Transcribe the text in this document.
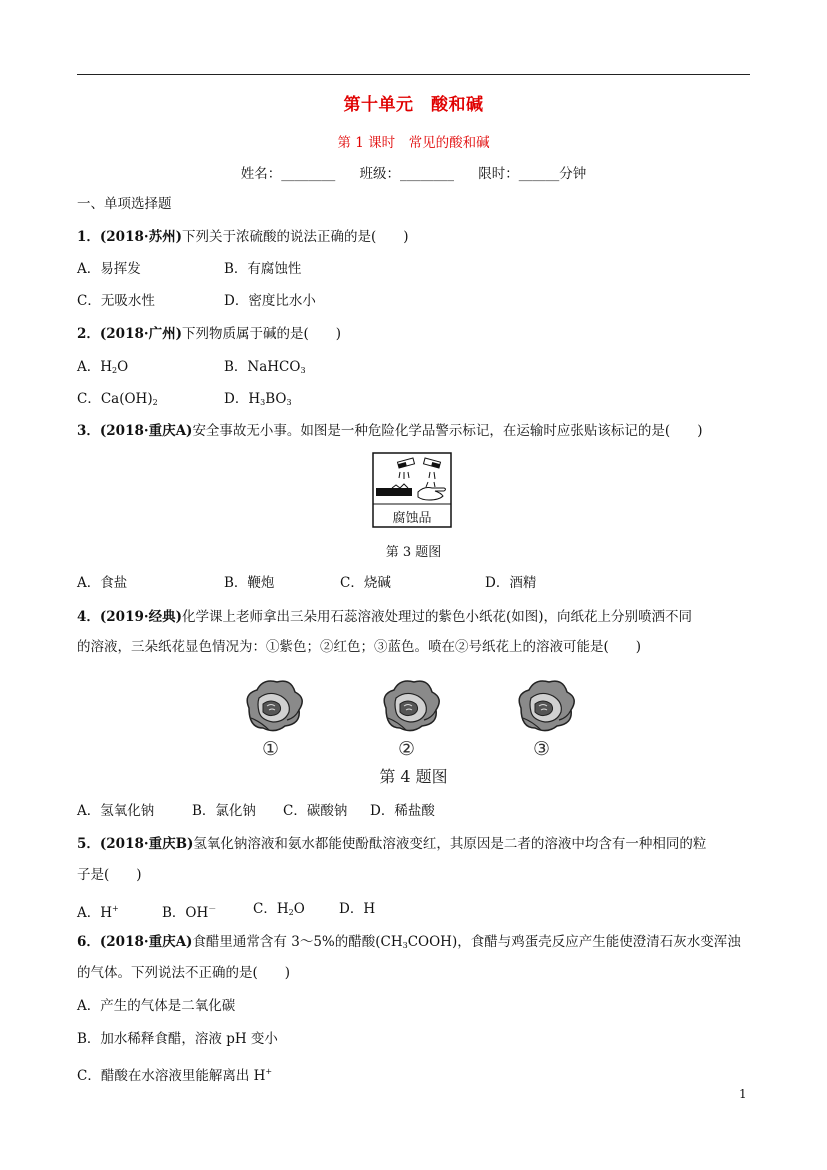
第十单元　酸和碱
第 1 课时　常见的酸和碱
姓名：________ 班级：________ 限时：______分钟
一、单项选择题
1．(2018·苏州)下列关于浓硫酸的说法正确的是(　　)
A．易挥发	B．有腐蚀性
C．无吸水性	D．密度比水小
2．(2018·广州)下列物质属于碱的是(　　)
A．$H_2O$	B．NaHCO$_3$
C．$Ca(OH)_2$	D．$H_3BO_3$
3．(2018·重庆A)安全事故无小事。如图是一种危险化学品警示标记，在运输时应张贴该标记的是(　　)
腐蚀品
第 3 题图
A．食盐	B．鞭炮	C．烧碱	D．酒精
4．(2019·经典)化学课上老师拿出三朵用石蕊溶液处理过的紫色小纸花(如图)，向纸花上分别喷洒不同
的溶液，三朵纸花显色情况为：①紫色；②红色；③蓝色。喷在②号纸花上的溶液可能是(　　)
①	②	③
第 4 题图
A．氢氧化钠	B．氯化钠 C．碳酸钠 D．稀盐酸
5．(2018·重庆B)氢氧化钠溶液和氨水都能使酚酞溶液变红，其原因是二者的溶液中均含有一种相同的粒
子是(　　)
A．H+	B．OH－	C．$H_2O$	D．H
6．(2018·重庆A)食醋里通常含有 3～5%的醋酸$(CH_3COOH)$，食醋与鸡蛋壳反应产生能使澄清石灰水变浑浊
的气体。下列说法不正确的是(　　)
A．产生的气体是二氧化碳
B．加水稀释食醋，溶液 pH 变小
C．醋酸在水溶液里能解离出 H+
1
